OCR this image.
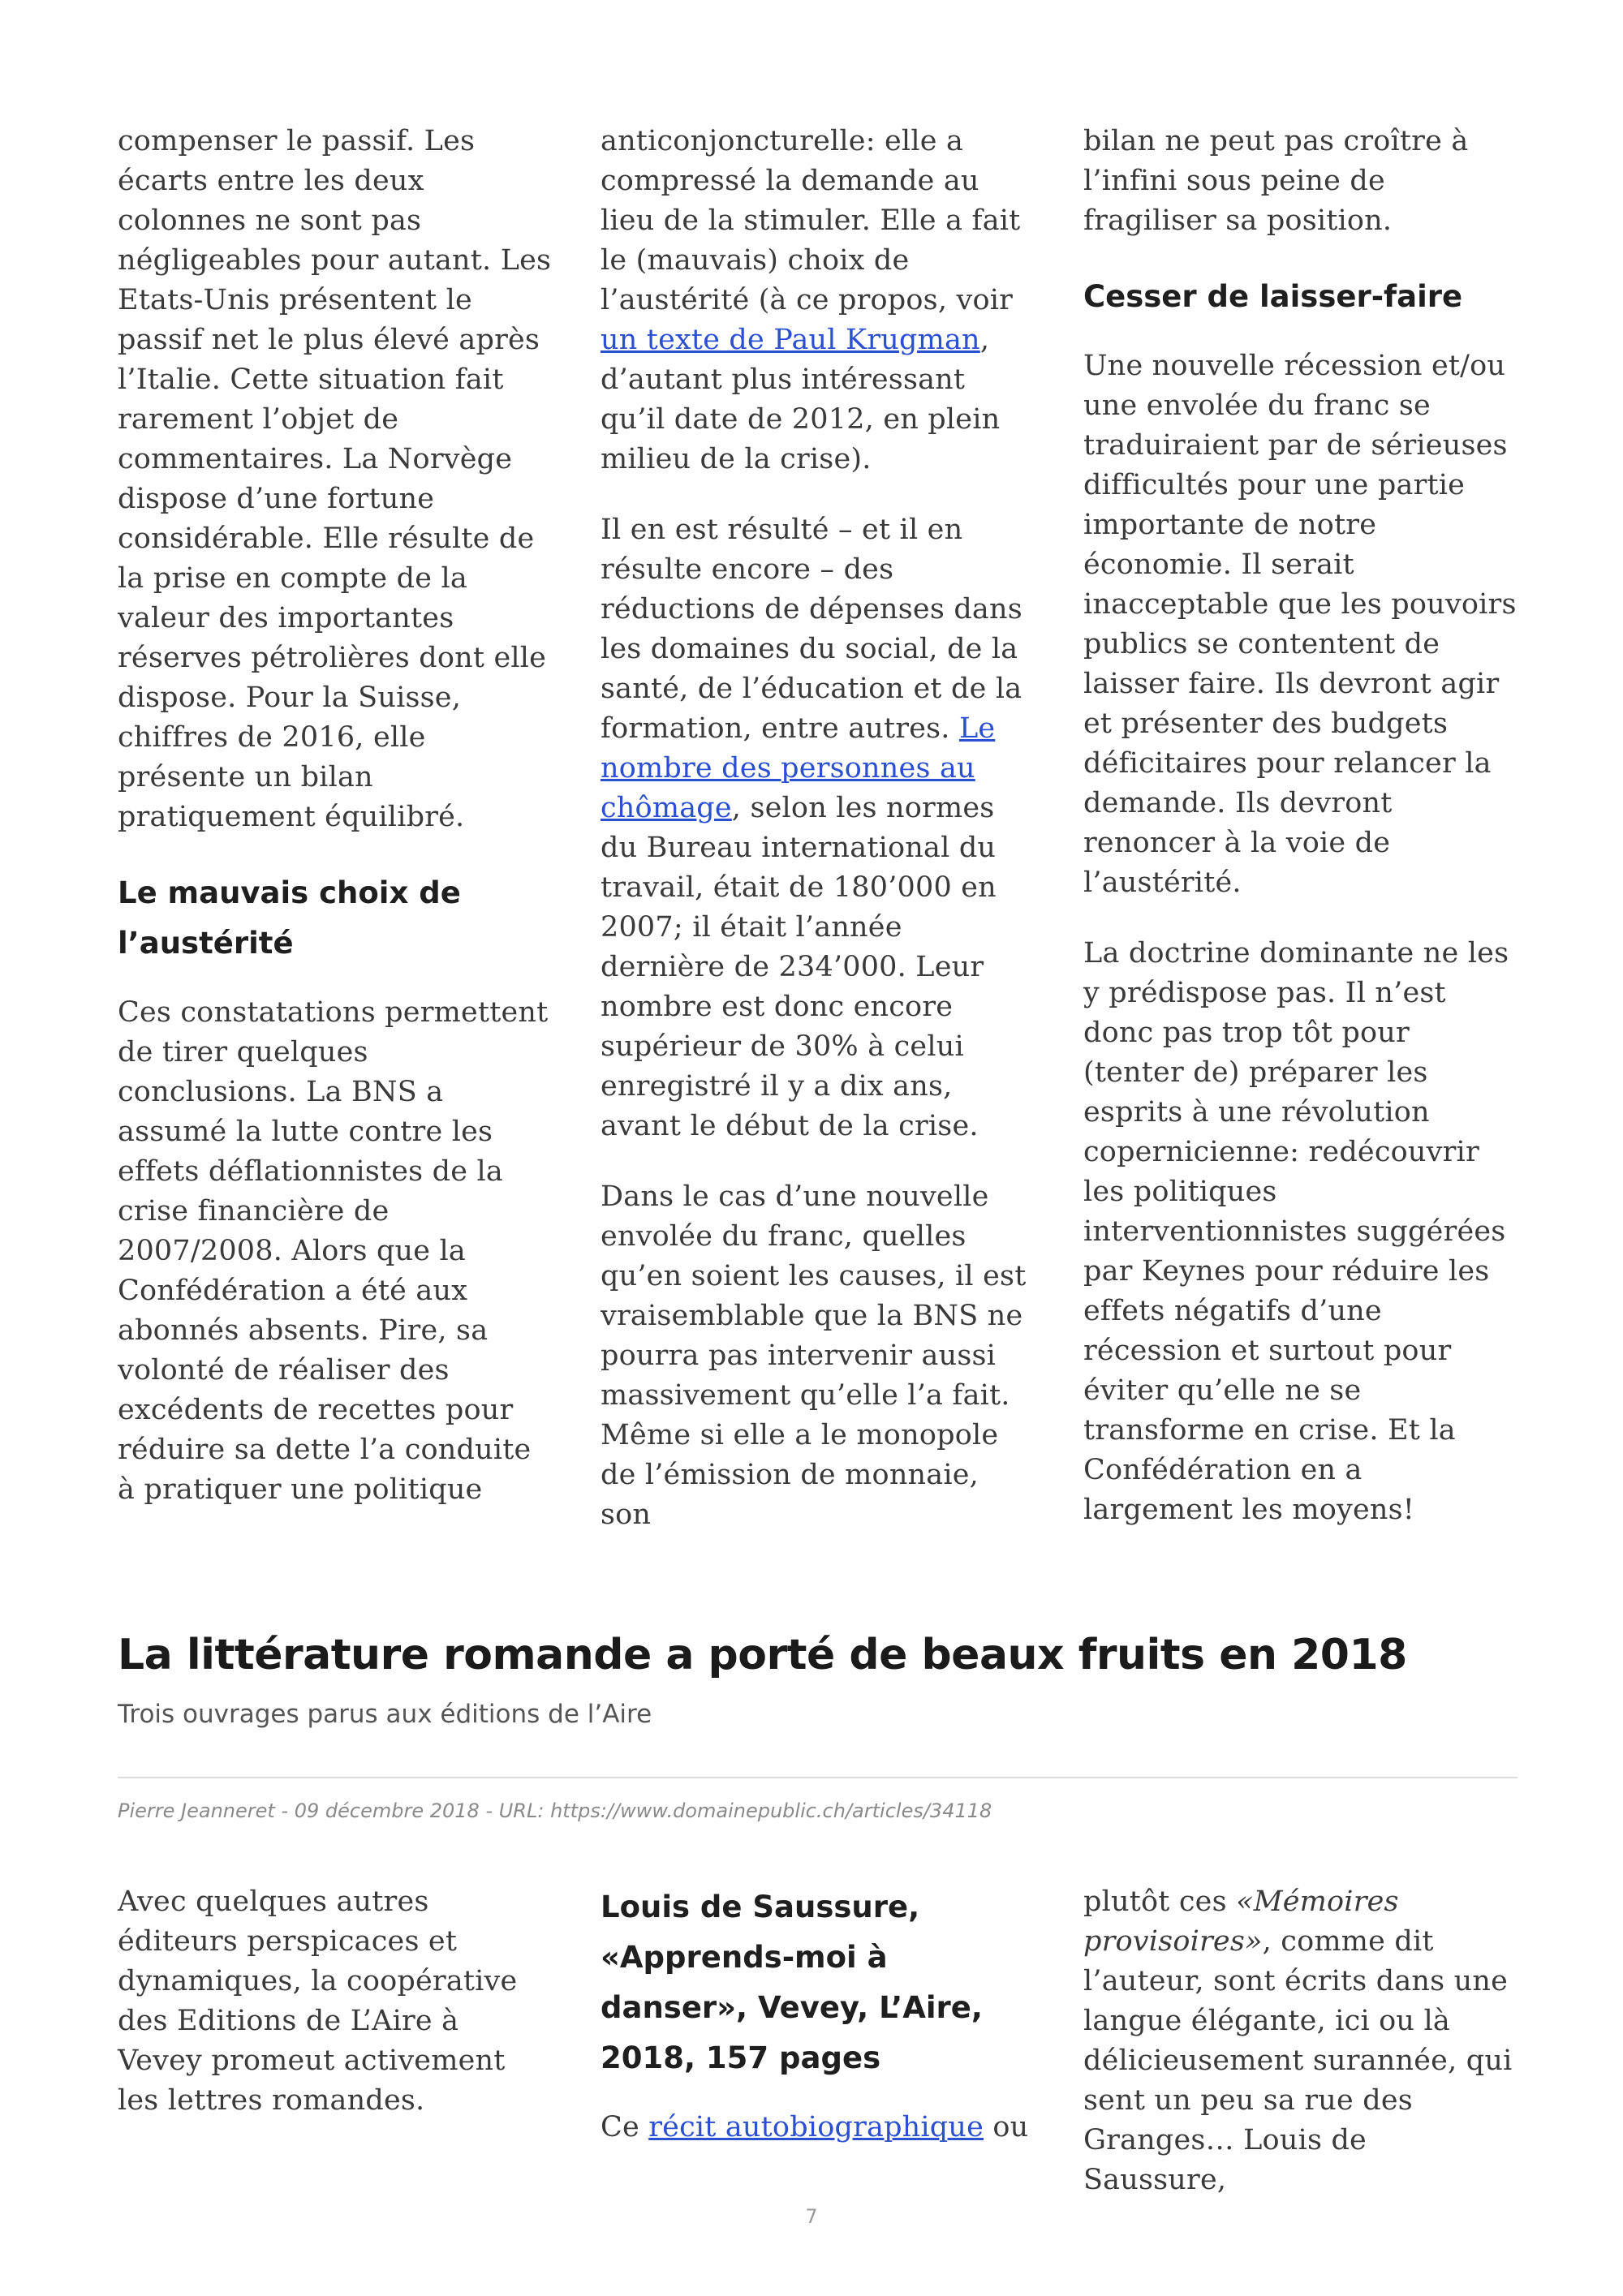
compenser le passif. Les écarts entre les deux colonnes ne sont pas négligeables pour autant. Les Etats-Unis présentent le passif net le plus élevé après l’Italie. Cette situation fait rarement l’objet de commentaires. La Norvège dispose d’une fortune considérable. Elle résulte de la prise en compte de la valeur des importantes réserves pétrolières dont elle dispose. Pour la Suisse, chiffres de 2016, elle présente un bilan pratiquement équilibré.

Le mauvais choix de
l’austérité

Ces constatations permettent de tirer quelques conclusions. La BNS a assumé la lutte contre les effets déflationnistes de la crise financière de 2007/2008. Alors que la Confédération a été aux abonnés absents. Pire, sa volonté de réaliser des excédents de recettes pour réduire sa dette l’a conduite à pratiquer une politique

anticonjoncturelle: elle a compressé la demande au lieu de la stimuler. Elle a fait le (mauvais) choix de l’austérité (à ce propos, voir un texte de Paul Krugman, d’autant plus intéressant qu’il date de 2012, en plein milieu de la crise).

Il en est résulté – et il en résulte encore – des réductions de dépenses dans les domaines du social, de la santé, de l’éducation et de la formation, entre autres. Le nombre des personnes au chômage, selon les normes du Bureau international du travail, était de 180’000 en 2007; il était l’année dernière de 234’000. Leur nombre est donc encore supérieur de 30% à celui enregistré il y a dix ans, avant le début de la crise.

Dans le cas d’une nouvelle envolée du franc, quelles qu’en soient les causes, il est vraisemblable que la BNS ne pourra pas intervenir aussi massivement qu’elle l’a fait. Même si elle a le monopole de l’émission de monnaie, son

bilan ne peut pas croître à l’infini sous peine de fragiliser sa position.

Cesser de laisser-faire

Une nouvelle récession et/ou une envolée du franc se traduiraient par de sérieuses difficultés pour une partie importante de notre économie. Il serait inacceptable que les pouvoirs publics se contentent de laisser faire. Ils devront agir et présenter des budgets déficitaires pour relancer la demande. Ils devront renoncer à la voie de l’austérité.

La doctrine dominante ne les y prédispose pas. Il n’est donc pas trop tôt pour (tenter de) préparer les esprits à une révolution copernicienne: redécouvrir les politiques interventionnistes suggérées par Keynes pour réduire les effets négatifs d’une récession et surtout pour éviter qu’elle ne se transforme en crise. Et la Confédération en a largement les moyens!

La littérature romande a porté de beaux fruits en 2018
Trois ouvrages parus aux éditions de l’Aire
Pierre Jeanneret - 09 décembre 2018 - URL: https://www.domainepublic.ch/articles/34118

Avec quelques autres éditeurs perspicaces et dynamiques, la coopérative des Editions de L’Aire à Vevey promeut activement les lettres romandes.

Louis de Saussure, «Apprends-moi à danser», Vevey, L’Aire, 2018, 157 pages

Ce récit autobiographique ou

plutôt ces «Mémoires provisoires», comme dit l’auteur, sont écrits dans une langue élégante, ici ou là délicieusement surannée, qui sent un peu sa rue des Granges… Louis de Saussure,

7
